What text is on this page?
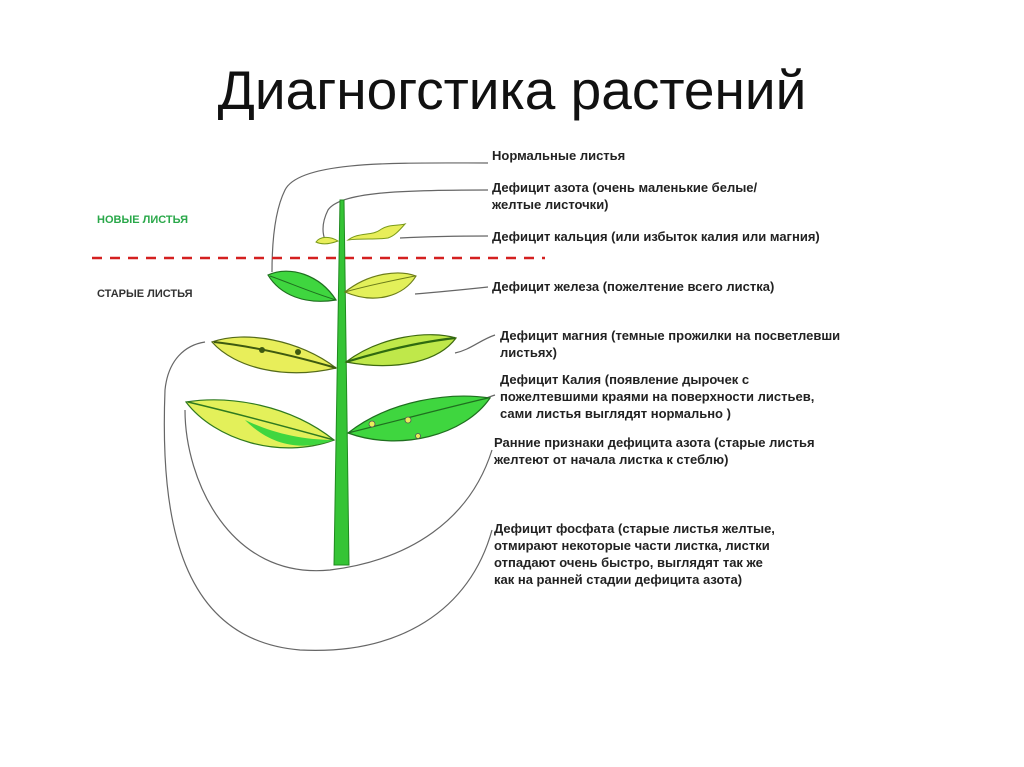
Диагногстика растений
НОВЫЕ ЛИСТЬЯ
СТАРЫЕ ЛИСТЬЯ
Нормальные листья
Дефицит азота (очень маленькие белые/
желтые листочки)
Дефицит кальция (или избыток калия или магния)
Дефицит железа (пожелтение всего листка)
Дефицит магния (темные прожилки на посветлевши
листьях)
Дефицит Калия (появление дырочек с
пожелтевшими краями на поверхности листьев,
сами листья выглядят нормально )
Ранние признаки дефицита азота (старые листья
желтеют от начала листка к стеблю)
Дефицит фосфата (старые листья желтые,
отмирают некоторые части листка, листки
отпадают очень быстро, выглядят так же
как на ранней стадии дефицита азота)
